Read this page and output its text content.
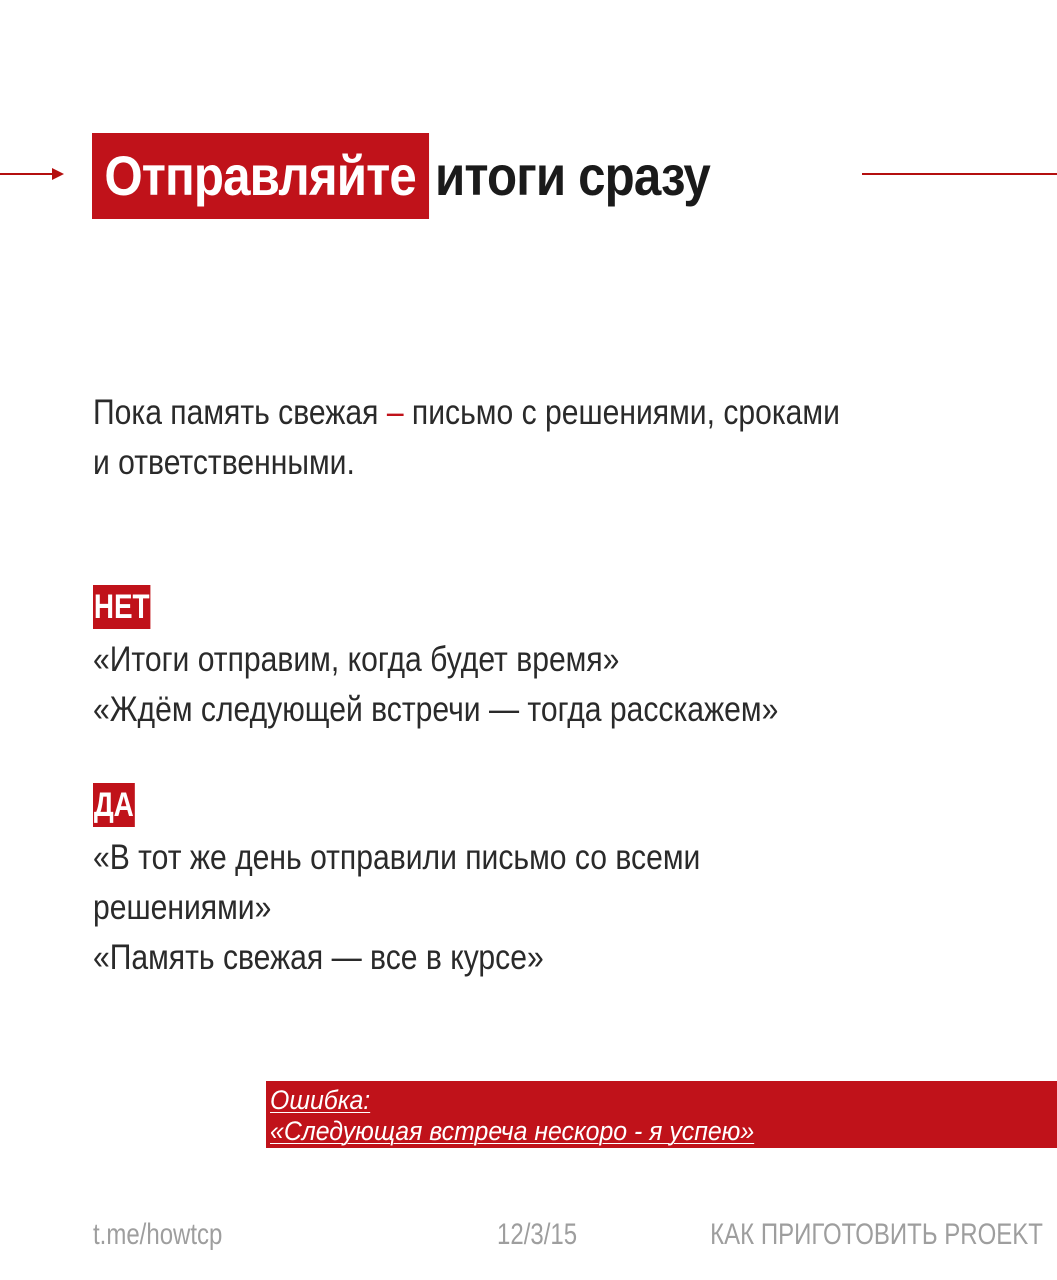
Отправляйте итоги сразу
Пока память свежая – письмо с решениями, сроками
и ответственными.
НЕТ
«Итоги отправим, когда будет время»
«Ждём следующей встречи — тогда расскажем»
ДА
«В тот же день отправили письмо со всеми
решениями»
«Память свежая — все в курсе»
Ошибка:
«Следующая встреча нескоро - я успею»
t.me/howtcp	12/3/15	КАК ПРИГОТОВИТЬ PROEKT
